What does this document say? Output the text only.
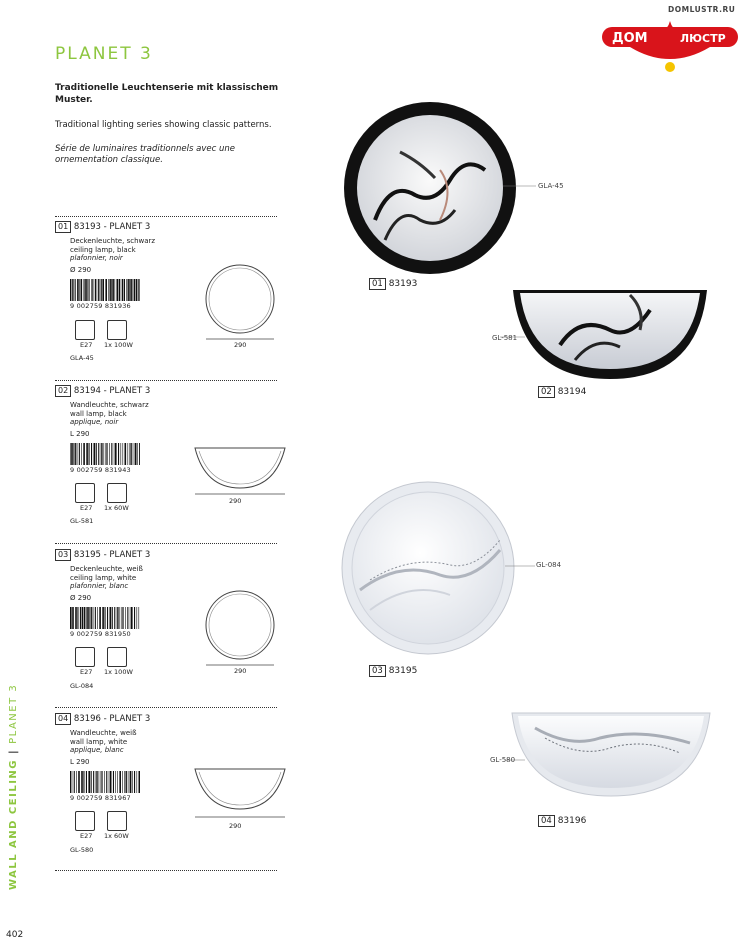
PLANET 3
Traditionelle Leuchtenserie mit klassischem Muster.
Traditional lighting series showing classic patterns.
Série de luminaires traditionnels avec une ornementation classique.
DOMLUSTR.RU
ДОМ	ЛЮСТР
01 83193 - PLANET 3
Deckenleuchte, schwarz
ceiling lamp, black
plafonnier, noir
Ø 290
9 002759 831936
E27 1x 100W
GLA-45
290
02 83194 - PLANET 3
Wandleuchte, schwarz
wall lamp, black
applique, noir
L 290
9 002759 831943
E27 1x 60W
GL-581
290
03 83195 - PLANET 3
Deckenleuchte, weiß
ceiling lamp, white
plafonnier, blanc
Ø 290
9 002759 831950
E27 1x 100W
GL-084
290
04 83196 - PLANET 3
Wandleuchte, weiß
wall lamp, white
applique, blanc
L 290
9 002759 831967
E27 1x 60W
GL-580
290
GLA-45
01 83193
GL-581
02 83194
GL-084
03 83195
GL-580
04 83196
WALL AND CEILING | PLANET 3
402
